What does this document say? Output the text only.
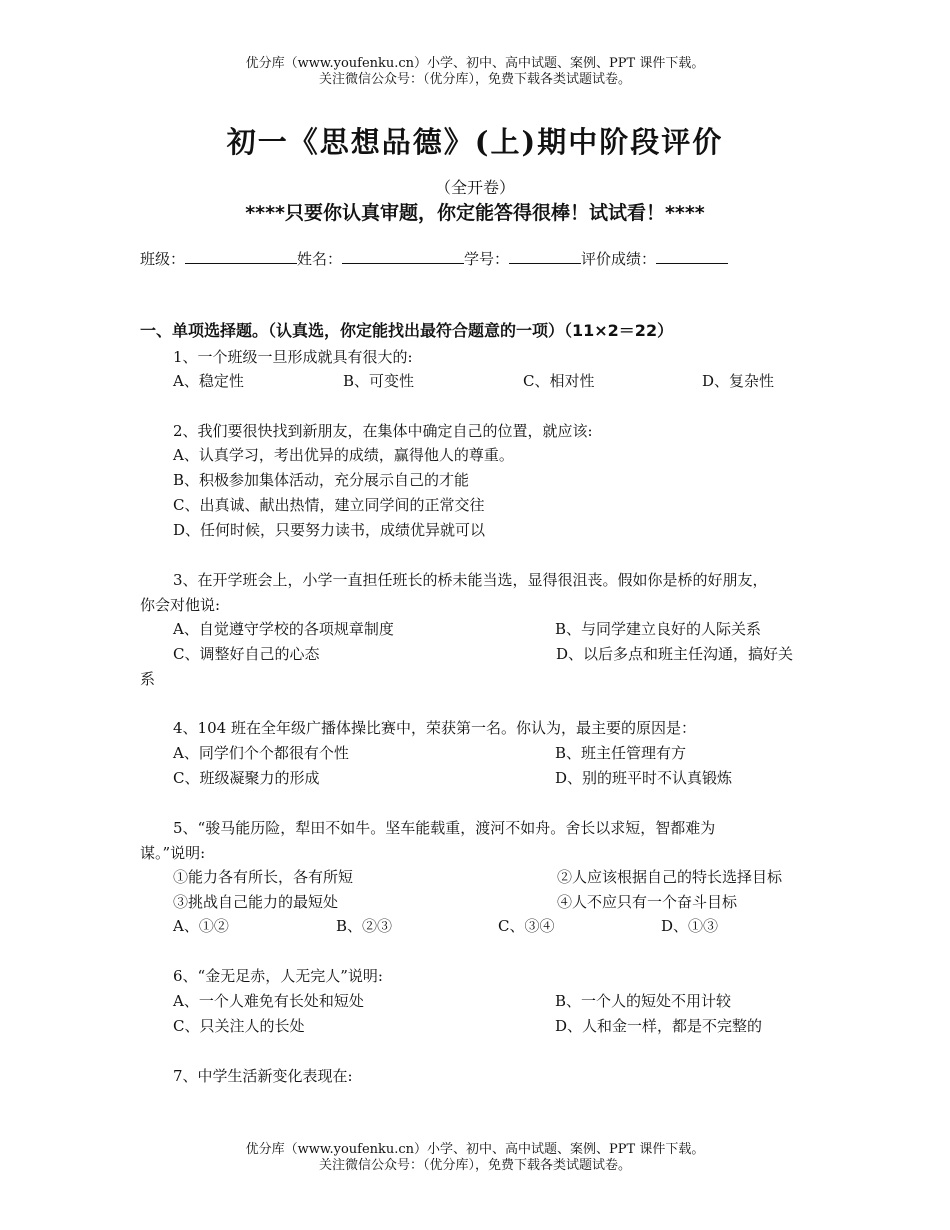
优分库（www.youfenku.cn）小学、初中、高中试题、案例、PPT 课件下载。
关注微信公众号：（优分库），免费下载各类试题试卷。
初一《思想品德》(上)期中阶段评价
（全开卷）
****只要你认真审题，你定能答得很棒！试试看！****
班级：	姓名：	学号：	评价成绩：
一、单项选择题。（认真选，你定能找出最符合题意的一项）（11×2＝22）
1、一个班级一旦形成就具有很大的:
A、稳定性	B、可变性	C、相对性	D、复杂性
2、我们要很快找到新朋友，在集体中确定自己的位置，就应该:
A、认真学习，考出优异的成绩，赢得他人的尊重。
B、积极参加集体活动，充分展示自己的才能
C、出真诚、献出热情，建立同学间的正常交往
D、任何时候，只要努力读书，成绩优异就可以
3、在开学班会上，小学一直担任班长的桥未能当选，显得很沮丧。假如你是桥的好朋友，
你会对他说:
A、自觉遵守学校的各项规章制度	B、与同学建立良好的人际关系
C、调整好自己的心态	D、以后多点和班主任沟通，搞好关
系
4、104 班在全年级广播体操比赛中，荣获第一名。你认为，最主要的原因是：
A、同学们个个都很有个性	B、班主任管理有方
C、班级凝聚力的形成	D、别的班平时不认真锻炼
5、“骏马能历险，犁田不如牛。坚车能载重，渡河不如舟。舍长以求短，智都难为
谋。”说明:
①能力各有所长，各有所短	②人应该根据自己的特长选择目标
③挑战自己能力的最短处	④人不应只有一个奋斗目标
A、①②	B、②③	C、③④	D、①③
6、“金无足赤，人无完人”说明:
A、一个人难免有长处和短处	B、一个人的短处不用计较
C、只关注人的长处	D、人和金一样，都是不完整的
7、中学生活新变化表现在:
优分库（www.youfenku.cn）小学、初中、高中试题、案例、PPT 课件下载。
关注微信公众号：（优分库），免费下载各类试题试卷。
